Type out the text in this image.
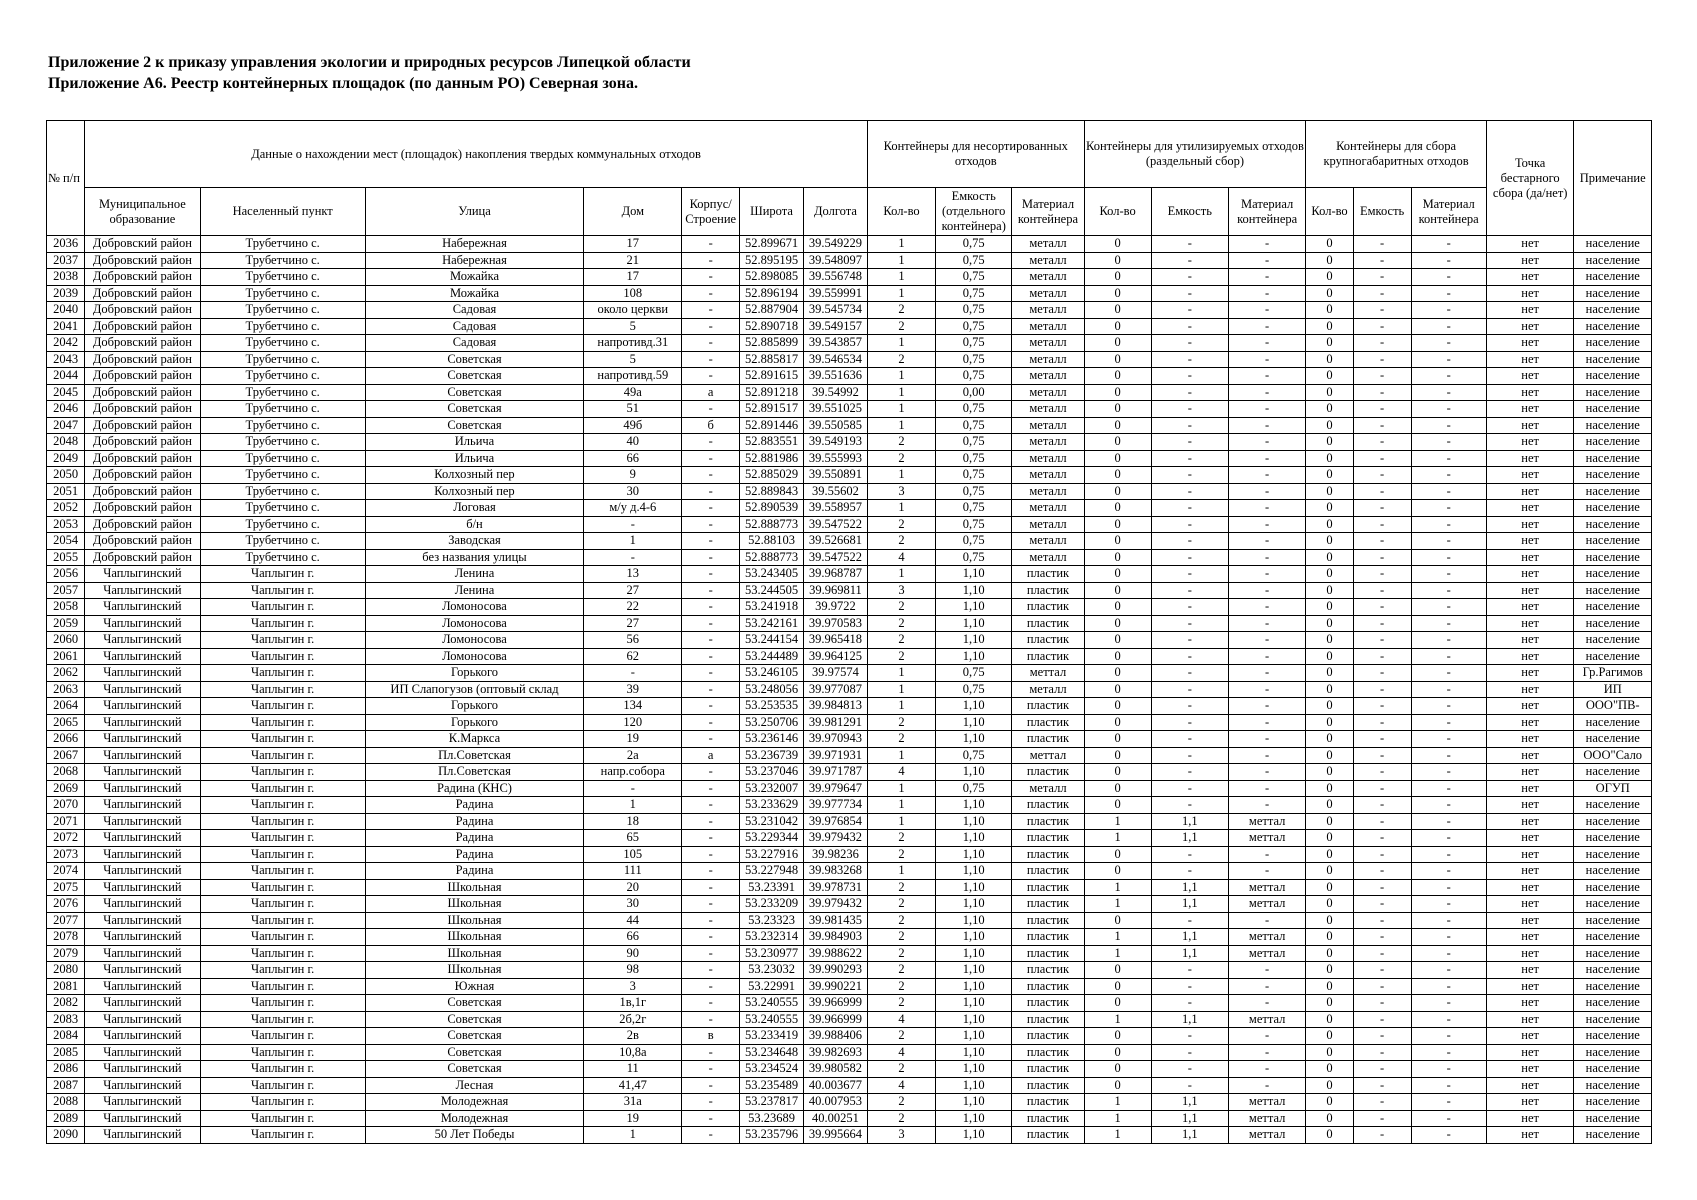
Приложение 2 к приказу управления экологии и природных ресурсов Липецкой области
Приложение А6. Реестр контейнерных площадок (по данным РО) Северная зона.
№ п/п	Данные о нахождении мест (площадок) накопления твердых коммунальных отходов							Контейнеры для несортированных отходов			Контейнеры для утилизируемых отходов (раздельный сбор)			Контейнеры для сбора крупногабаритных отходов			Точка бестарного сбора (да/нет)	Примечание
	Муниципальное образование	Населенный пункт	Улица	Дом	Корпус/ Строение	Широта	Долгота	Кол-во	Емкость (отдельного контейнера)	Материал контейнера	Кол-во	Емкость	Материал контейнера	Кол-во	Емкость	Материал контейнера		
2036	Добровский район	Трубетчино с.	Набережная	17	-	52.899671	39.549229	1	0,75	металл	0	-	-	0	-	-	нет	население
2037	Добровский район	Трубетчино с.	Набережная	21	-	52.895195	39.548097	1	0,75	металл	0	-	-	0	-	-	нет	население
2038	Добровский район	Трубетчино с.	Можайка	17	-	52.898085	39.556748	1	0,75	металл	0	-	-	0	-	-	нет	население
2039	Добровский район	Трубетчино с.	Можайка	108	-	52.896194	39.559991	1	0,75	металл	0	-	-	0	-	-	нет	население
2040	Добровский район	Трубетчино с.	Садовая	около церкви	-	52.887904	39.545734	2	0,75	металл	0	-	-	0	-	-	нет	население
2041	Добровский район	Трубетчино с.	Садовая	5	-	52.890718	39.549157	2	0,75	металл	0	-	-	0	-	-	нет	население
2042	Добровский район	Трубетчино с.	Садовая	напротивд.31	-	52.885899	39.543857	1	0,75	металл	0	-	-	0	-	-	нет	население
2043	Добровский район	Трубетчино с.	Советская	5	-	52.885817	39.546534	2	0,75	металл	0	-	-	0	-	-	нет	население
2044	Добровский район	Трубетчино с.	Советская	напротивд.59	-	52.891615	39.551636	1	0,75	металл	0	-	-	0	-	-	нет	население
2045	Добровский район	Трубетчино с.	Советская	49а	а	52.891218	39.54992	1	0,00	металл	0	-	-	0	-	-	нет	население
2046	Добровский район	Трубетчино с.	Советская	51	-	52.891517	39.551025	1	0,75	металл	0	-	-	0	-	-	нет	население
2047	Добровский район	Трубетчино с.	Советская	49б	б	52.891446	39.550585	1	0,75	металл	0	-	-	0	-	-	нет	население
2048	Добровский район	Трубетчино с.	Ильича	40	-	52.883551	39.549193	2	0,75	металл	0	-	-	0	-	-	нет	население
2049	Добровский район	Трубетчино с.	Ильича	66	-	52.881986	39.555993	2	0,75	металл	0	-	-	0	-	-	нет	население
2050	Добровский район	Трубетчино с.	Колхозный пер	9	-	52.885029	39.550891	1	0,75	металл	0	-	-	0	-	-	нет	население
2051	Добровский район	Трубетчино с.	Колхозный пер	30	-	52.889843	39.55602	3	0,75	металл	0	-	-	0	-	-	нет	население
2052	Добровский район	Трубетчино с.	Логовая	м/у д.4-6	-	52.890539	39.558957	1	0,75	металл	0	-	-	0	-	-	нет	население
2053	Добровский район	Трубетчино с.	б/н	-	-	52.888773	39.547522	2	0,75	металл	0	-	-	0	-	-	нет	население
2054	Добровский район	Трубетчино с.	Заводская	1	-	52.88103	39.526681	2	0,75	металл	0	-	-	0	-	-	нет	население
2055	Добровский район	Трубетчино с.	без названия улицы	-	-	52.888773	39.547522	4	0,75	металл	0	-	-	0	-	-	нет	население
2056	Чаплыгинский	Чаплыгин г.	Ленина	13	-	53.243405	39.968787	1	1,10	пластик	0	-	-	0	-	-	нет	население
2057	Чаплыгинский	Чаплыгин г.	Ленина	27	-	53.244505	39.969811	3	1,10	пластик	0	-	-	0	-	-	нет	население
2058	Чаплыгинский	Чаплыгин г.	Ломоносова	22	-	53.241918	39.9722	2	1,10	пластик	0	-	-	0	-	-	нет	население
2059	Чаплыгинский	Чаплыгин г.	Ломоносова	27	-	53.242161	39.970583	2	1,10	пластик	0	-	-	0	-	-	нет	население
2060	Чаплыгинский	Чаплыгин г.	Ломоносова	56	-	53.244154	39.965418	2	1,10	пластик	0	-	-	0	-	-	нет	население
2061	Чаплыгинский	Чаплыгин г.	Ломоносова	62	-	53.244489	39.964125	2	1,10	пластик	0	-	-	0	-	-	нет	население
2062	Чаплыгинский	Чаплыгин г.	Горького	-	-	53.246105	39.97574	1	0,75	меттал	0	-	-	0	-	-	нет	Гр.Рагимов
2063	Чаплыгинский	Чаплыгин г.	ИП Слапогузов (оптовый склад	39	-	53.248056	39.977087	1	0,75	металл	0	-	-	0	-	-	нет	ИП
2064	Чаплыгинский	Чаплыгин г.	Горького	134	-	53.253535	39.984813	1	1,10	пластик	0	-	-	0	-	-	нет	ООО"ПВ-
2065	Чаплыгинский	Чаплыгин г.	Горького	120	-	53.250706	39.981291	2	1,10	пластик	0	-	-	0	-	-	нет	население
2066	Чаплыгинский	Чаплыгин г.	К.Маркса	19	-	53.236146	39.970943	2	1,10	пластик	0	-	-	0	-	-	нет	население
2067	Чаплыгинский	Чаплыгин г.	Пл.Советская	2а	а	53.236739	39.971931	1	0,75	меттал	0	-	-	0	-	-	нет	ООО"Сало
2068	Чаплыгинский	Чаплыгин г.	Пл.Советская	напр.собора	-	53.237046	39.971787	4	1,10	пластик	0	-	-	0	-	-	нет	население
2069	Чаплыгинский	Чаплыгин г.	Радина (КНС)	-	-	53.232007	39.979647	1	0,75	металл	0	-	-	0	-	-	нет	ОГУП
2070	Чаплыгинский	Чаплыгин г.	Радина	1	-	53.233629	39.977734	1	1,10	пластик	0	-	-	0	-	-	нет	население
2071	Чаплыгинский	Чаплыгин г.	Радина	18	-	53.231042	39.976854	1	1,10	пластик	1	1,1	меттал	0	-	-	нет	население
2072	Чаплыгинский	Чаплыгин г.	Радина	65	-	53.229344	39.979432	2	1,10	пластик	1	1,1	меттал	0	-	-	нет	население
2073	Чаплыгинский	Чаплыгин г.	Радина	105	-	53.227916	39.98236	2	1,10	пластик	0	-	-	0	-	-	нет	население
2074	Чаплыгинский	Чаплыгин г.	Радина	111	-	53.227948	39.983268	1	1,10	пластик	0	-	-	0	-	-	нет	население
2075	Чаплыгинский	Чаплыгин г.	Школьная	20	-	53.23391	39.978731	2	1,10	пластик	1	1,1	меттал	0	-	-	нет	население
2076	Чаплыгинский	Чаплыгин г.	Школьная	30	-	53.233209	39.979432	2	1,10	пластик	1	1,1	меттал	0	-	-	нет	население
2077	Чаплыгинский	Чаплыгин г.	Школьная	44	-	53.23323	39.981435	2	1,10	пластик	0	-	-	0	-	-	нет	население
2078	Чаплыгинский	Чаплыгин г.	Школьная	66	-	53.232314	39.984903	2	1,10	пластик	1	1,1	меттал	0	-	-	нет	население
2079	Чаплыгинский	Чаплыгин г.	Школьная	90	-	53.230977	39.988622	2	1,10	пластик	1	1,1	меттал	0	-	-	нет	население
2080	Чаплыгинский	Чаплыгин г.	Школьная	98	-	53.23032	39.990293	2	1,10	пластик	0	-	-	0	-	-	нет	население
2081	Чаплыгинский	Чаплыгин г.	Южная	3	-	53.22991	39.990221	2	1,10	пластик	0	-	-	0	-	-	нет	население
2082	Чаплыгинский	Чаплыгин г.	Советская	1в,1г	-	53.240555	39.966999	2	1,10	пластик	0	-	-	0	-	-	нет	население
2083	Чаплыгинский	Чаплыгин г.	Советская	2б,2г	-	53.240555	39.966999	4	1,10	пластик	1	1,1	меттал	0	-	-	нет	население
2084	Чаплыгинский	Чаплыгин г.	Советская	2в	в	53.233419	39.988406	2	1,10	пластик	0	-	-	0	-	-	нет	население
2085	Чаплыгинский	Чаплыгин г.	Советская	10,8а	-	53.234648	39.982693	4	1,10	пластик	0	-	-	0	-	-	нет	население
2086	Чаплыгинский	Чаплыгин г.	Советская	11	-	53.234524	39.980582	2	1,10	пластик	0	-	-	0	-	-	нет	население
2087	Чаплыгинский	Чаплыгин г.	Лесная	41,47	-	53.235489	40.003677	4	1,10	пластик	0	-	-	0	-	-	нет	население
2088	Чаплыгинский	Чаплыгин г.	Молодежная	31а	-	53.237817	40.007953	2	1,10	пластик	1	1,1	меттал	0	-	-	нет	население
2089	Чаплыгинский	Чаплыгин г.	Молодежная	19	-	53.23689	40.00251	2	1,10	пластик	1	1,1	меттал	0	-	-	нет	население
2090	Чаплыгинский	Чаплыгин г.	50 Лет Победы	1	-	53.235796	39.995664	3	1,10	пластик	1	1,1	меттал	0	-	-	нет	население
